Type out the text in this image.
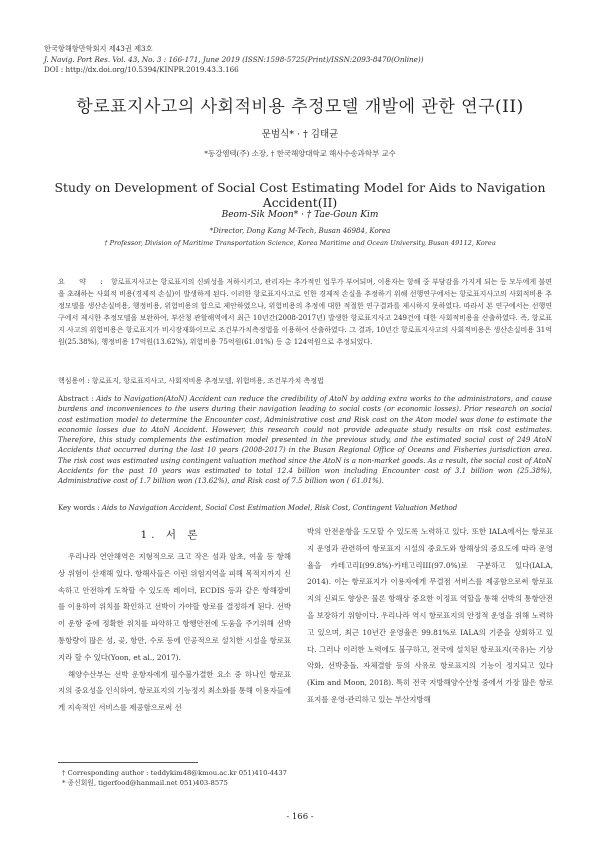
한국항해항만학회지 제43권 제3호
J. Navig. Port Res. Vol. 43, No. 3 : 166-171, June 2019 (ISSN:1598-5725(Print)/ISSN:2093-8470(Online))
DOI : http://dx.doi.org/10.5394/KINPR.2019.43.3.166
항로표지사고의 사회적비용 추정모델 개발에 관한 연구(II)
문범식* · † 김태균
*동강엠텍(주) 소장, † 한국해양대학교 해사수송과학부 교수
Study on Development of Social Cost Estimating Model for Aids to Navigation Accident(II)
Beom-Sik Moon* · † Tae-Goun Kim
*Director, Dong Kang M-Tech, Busan 46984, Korea
† Professor, Division of Maritime Transportation Science, Korea Maritime and Ocean University, Busan 49112, Korea
요 약 : 항로표지사고는 항로표지의 신뢰성을 저하시키고, 관리자는 추가적인 업무가 부여되며, 이용자는 항해 중 부담감을 가지게 되는 등 모두에게 불편을 초래하는 사회적 비용(경제적 손실)이 발생하게 된다. 이러한 항로표지사고로 인한 경제적 손실을 추정하기 위해 선행연구에서는 항로표지사고의 사회적비용 추정모델을 생산손실비용, 행정비용, 위험비용의 합으로 제안하였으나, 위험비용의 추정에 대한 적절한 연구결과를 제시하지 못하였다. 따라서 본 연구에서는 선행연구에서 제시한 추정모델을 보완하여, 부산청 관할해역에서 최근 10년간(2008-2017년) 발생한 항로표지사고 249건에 대한 사회적비용을 산출하였다. 즉, 항로표지 사고의 위험비용은 항로표지가 비시장재화이므로 조건부가치측정법을 이용하여 산출하였다. 그 결과, 10년간 항로표지사고의 사회적비용은 생산손실비용 31억원(25.38%), 행정비용 17억원(13.62%), 위험비용 75억원(61.01%) 등 총 124억원으로 추정되었다.
핵심용어 : 항로표지, 항로표지사고, 사회적비용 추정모델, 위험비용, 조건부가치 측정법
Abstract : Aids to Navigation(AtoN) Accident can reduce the credibility of AtoN by adding extra works to the administrators, and cause burdens and inconveniences to the users during their navigation leading to social costs (or economic losses). Prior research on social cost estimation model to determine the Encounter cost, Administrative cost and Risk cost on the Aton model was done to estimate the economic losses due to AtoN Accident. However, this research could not provide adequate study results on risk cost estimates. Therefore, this study complements the estimation model presented in the previous study, and the estimated social cost of 249 AtoN Accidents that occurred during the last 10 years (2008-2017) in the Busan Regional Office of Oceans and Fisheries jurisdiction area. The risk cost was estimated using contingent valuation method since the AtoN is a non-market goods. As a result, the social cost of AtoN Accidents for the past 10 years was estimated to total 12.4 billion won including Encounter cost of 3.1 billion won (25.38%), Administrative cost of 1.7 billion won (13.62%), and Risk cost of 7.5 billion won ( 61.01%).
Key words : Aids to Navigation Accident, Social Cost Estimation Model, Risk Cost, Contingent Valuation Method
1. 서 론

우리나라 연안해역은 지형적으로 크고 작은 섬과 암초, 여울 등 항해상 위험이 산재해 있다. 항해사들은 이런 위험지역을 피해 목적지까지 신속하고 안전하게 도착할 수 있도록 레이더, ECDIS 등과 같은 항해장비를 이용하여 위치를 확인하고 선박이 가야할 항로를 결정하게 된다. 선박이 운항 중에 정확한 위치를 파악하고 항행안전에 도움을 주기위해 선박 통항량이 많은 섬, 곶, 항만, 수로 등에 인공적으로 설치한 시설을 항로표지라 할 수 있다(Yoon, et al., 2017).

해양수산부는 선박 운항자에게 필수불가결한 요소 중 하나인 항로표지의 중요성을 인식하여, 항로표지의 기능정지 최소화를 통해 이용자들에게 지속적인 서비스를 제공함으로써 선

박의 안전운항을 도모할 수 있도록 노력하고 있다. 또한 IALA에서는 항로표지 운영과 관련하여 항로표지 시설의 중요도와 항해상의 중요도에 따라 운영율을 카테고리I(99.8%)-카테고리III(97.0%)로 구분하고 있다(IALA, 2014). 이는 항로표지가 이용자에게 무결점 서비스를 제공함으로써 항로표지의 신뢰도 향상은 물론 항해상 중요한 이정표 역할을 통해 선박의 통항안전을 보장하기 위함이다. 우리나라 역시 항로표지의 안정적 운영을 위해 노력하고 있으며, 최근 10년간 운영율은 99.81%로 IALA의 기준을 상회하고 있다. 그러나 이러한 노력에도 불구하고, 전국에 설치된 항로표지(국유)는 기상악화, 선박충돌, 자체결함 등의 사유로 항로표지의 기능이 정지되고 있다(Kim and Moon, 2018). 특히 전국 지방해양수산청 중에서 가장 많은 항로표지를 운영·관리하고 있는 부산지방해

† Corresponding author : teddykim48@kmou.ac.kr 051)410-4437
* 종신회원, tigerfood@hanmail.net 051)403-8575
- 166 -
